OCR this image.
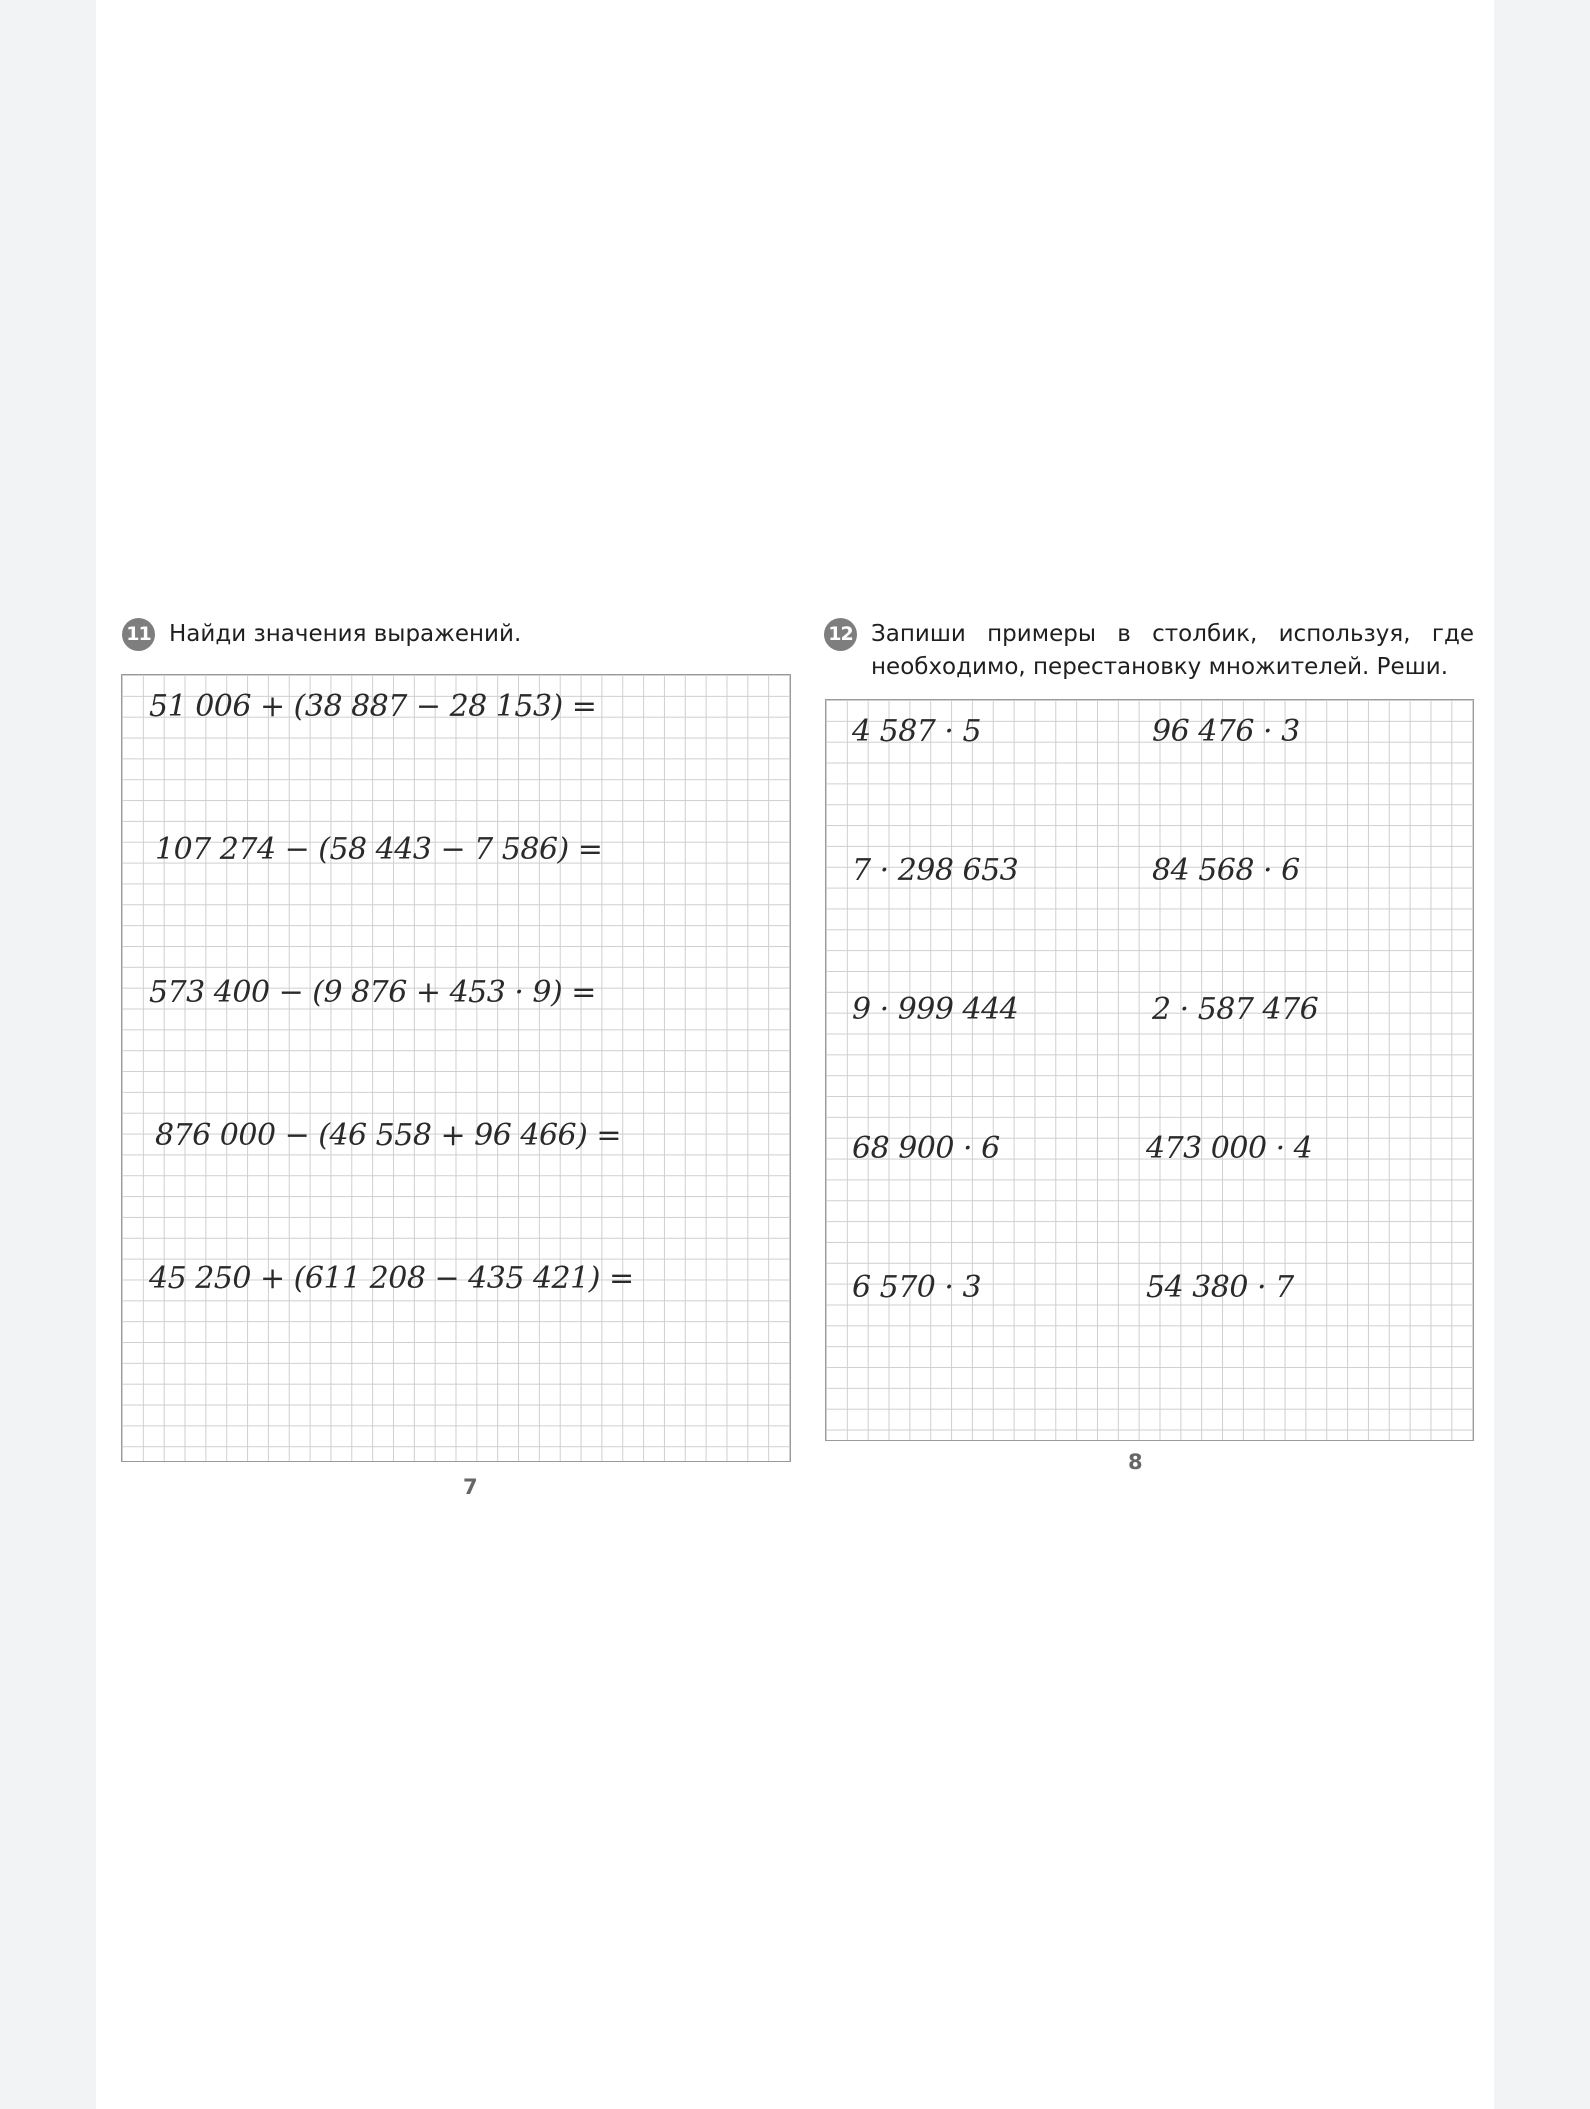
11 Найди значения выражений.
51 006 + (38 887 − 28 153) =
107 274 − (58 443 − 7 586) =
573 400 − (9 876 + 453 · 9) =
876 000 − (46 558 + 96 466) =
45 250 + (611 208 − 435 421) =
7
12 Запиши примеры в столбик, используя, где необходимо, перестановку множителей. Реши.
4 587 · 5
7 · 298 653
9 · 999 444
68 900 · 6
6 570 · 3
96 476 · 3
84 568 · 6
2 · 587 476
473 000 · 4
54 380 · 7
8
